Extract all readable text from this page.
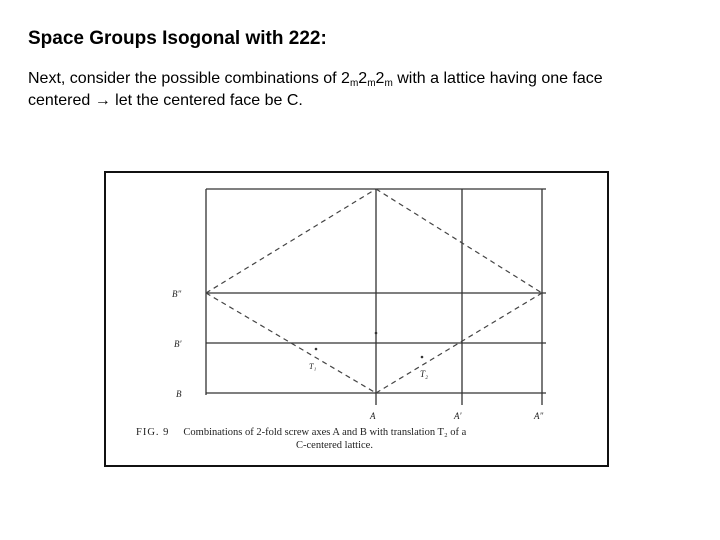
Space Groups Isogonal with 222:

Next, consider the possible combinations of $2_m2_m2_m$ with a lattice having one face centered → let the centered face be C.

B"
B'
B
A	A'	A"
T₁
T₂
FIG. 9 Combinations of 2-fold screw axes A and B with translation T₂ of a
C-centered lattice.
